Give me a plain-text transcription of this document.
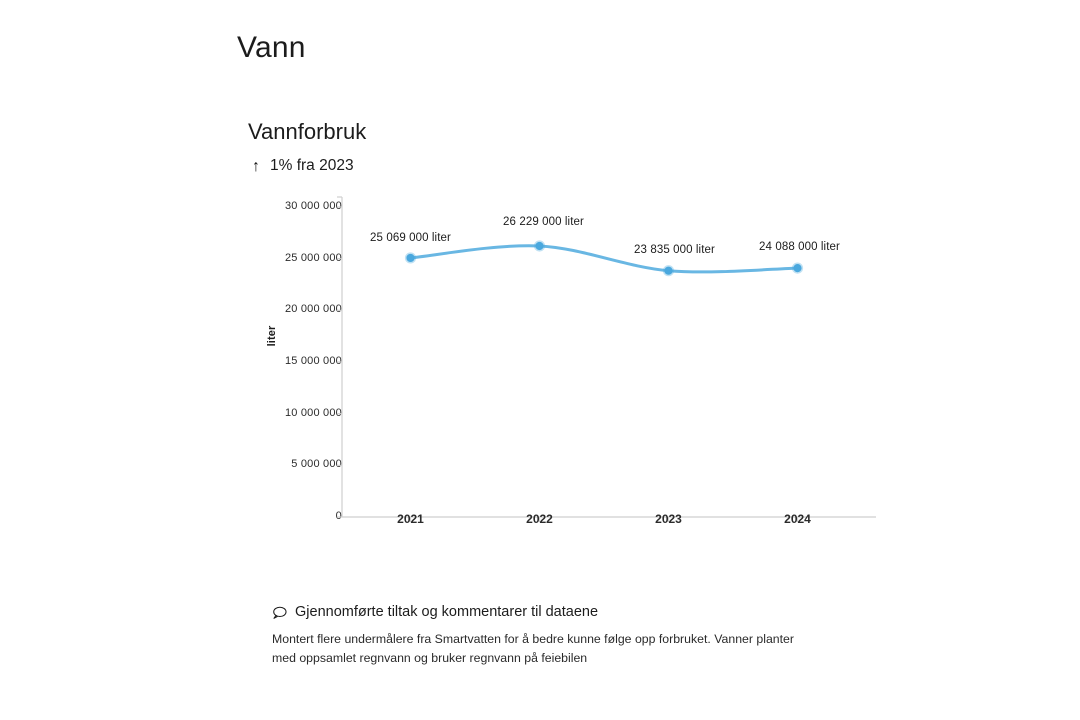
Vann
Vannforbruk
↑ 1% fra 2023
liter
0
5 000 000
10 000 000
15 000 000
20 000 000
25 000 000
30 000 000
2021	2022	2023	2024
25 069 000 liter
26 229 000 liter
23 835 000 liter	24 088 000 liter
Gjennomførte tiltak og kommentarer til dataene
Montert flere undermålere fra Smartvatten for å bedre kunne følge opp forbruket. Vanner planter med oppsamlet regnvann og bruker regnvann på feiebilen
